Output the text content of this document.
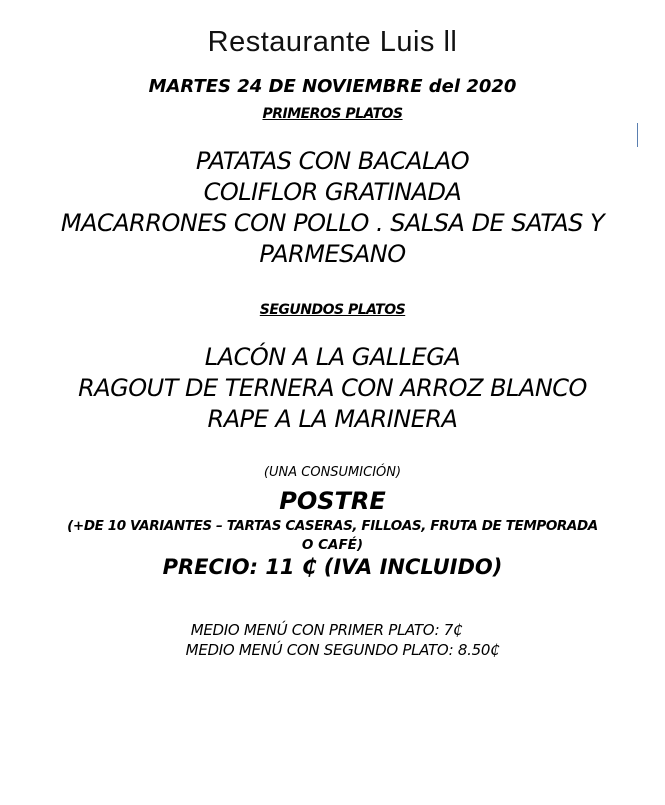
Restaurante Luis ll
MARTES 24 DE NOVIEMBRE del 2020
PRIMEROS PLATOS
PATATAS CON BACALAO
COLIFLOR GRATINADA
MACARRONES CON POLLO . SALSA DE SATAS Y
PARMESANO
SEGUNDOS PLATOS
LACÓN A LA GALLEGA
RAGOUT DE TERNERA CON ARROZ BLANCO
RAPE A LA MARINERA
(UNA CONSUMICIÓN)
POSTRE
(+DE 10 VARIANTES – TARTAS CASERAS, FILLOAS, FRUTA DE TEMPORADA
O CAFÉ)
PRECIO: 11 ₵ (IVA INCLUIDO)
MEDIO MENÚ CON PRIMER PLATO: 7₵
MEDIO MENÚ CON SEGUNDO PLATO: 8.50₵
